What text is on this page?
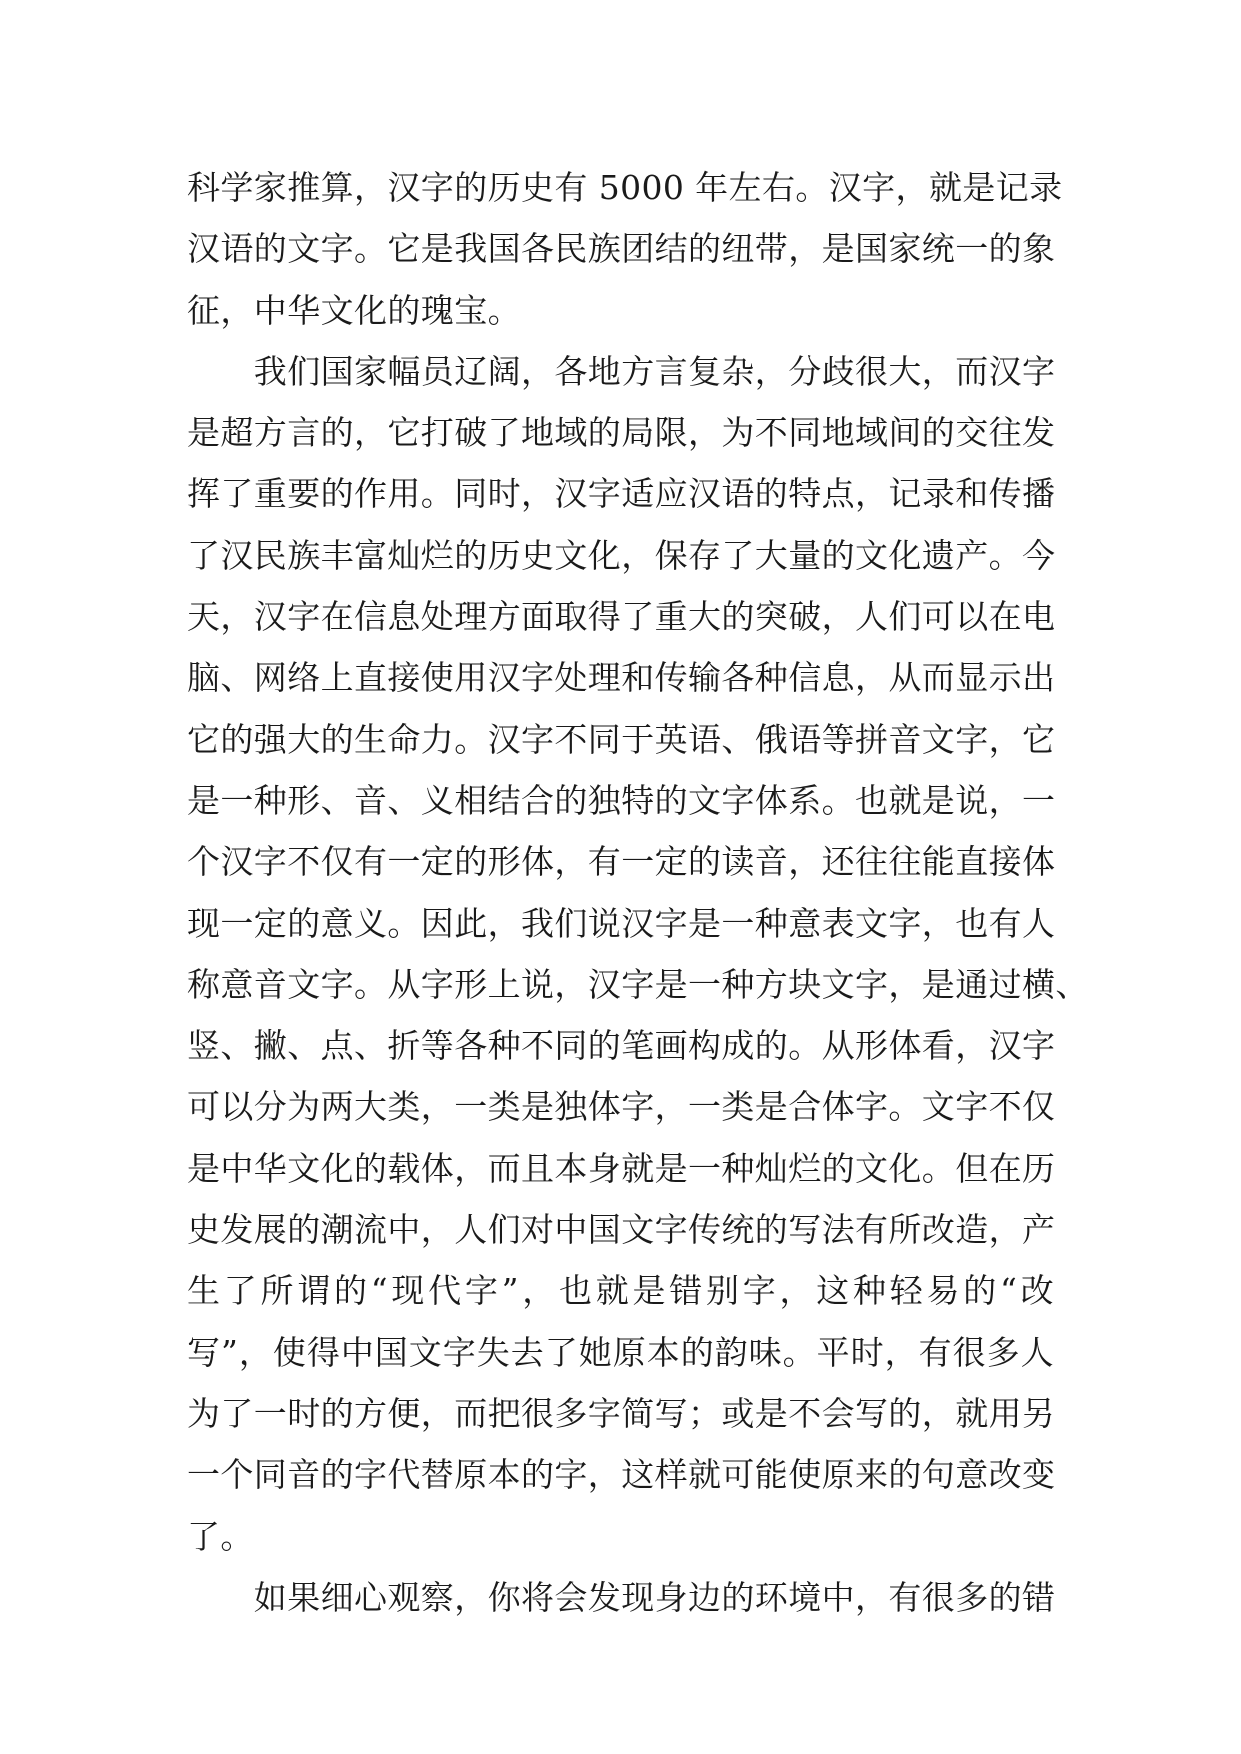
科学家推算，汉字的历史有 5000 年左右。汉字，就是记录
汉语的文字。它是我国各民族团结的纽带，是国家统一的象
征，中华文化的瑰宝。
　　我们国家幅员辽阔，各地方言复杂，分歧很大，而汉字
是超方言的，它打破了地域的局限，为不同地域间的交往发
挥了重要的作用。同时，汉字适应汉语的特点，记录和传播
了汉民族丰富灿烂的历史文化，保存了大量的文化遗产。今
天，汉字在信息处理方面取得了重大的突破，人们可以在电
脑、网络上直接使用汉字处理和传输各种信息，从而显示出
它的强大的生命力。汉字不同于英语、俄语等拼音文字，它
是一种形、音、义相结合的独特的文字体系。也就是说，一
个汉字不仅有一定的形体，有一定的读音，还往往能直接体
现一定的意义。因此，我们说汉字是一种意表文字，也有人
称意音文字。从字形上说，汉字是一种方块文字，是通过横、
竖、撇、点、折等各种不同的笔画构成的。从形体看，汉字
可以分为两大类，一类是独体字，一类是合体字。文字不仅
是中华文化的载体，而且本身就是一种灿烂的文化。但在历
史发展的潮流中，人们对中国文字传统的写法有所改造，产
生了所谓的“现代字”，也就是错别字，这种轻易的“改
写”，使得中国文字失去了她原本的韵味。平时，有很多人
为了一时的方便，而把很多字简写；或是不会写的，就用另
一个同音的字代替原本的字，这样就可能使原来的句意改变
了。
　　如果细心观察，你将会发现身边的环境中，有很多的错
